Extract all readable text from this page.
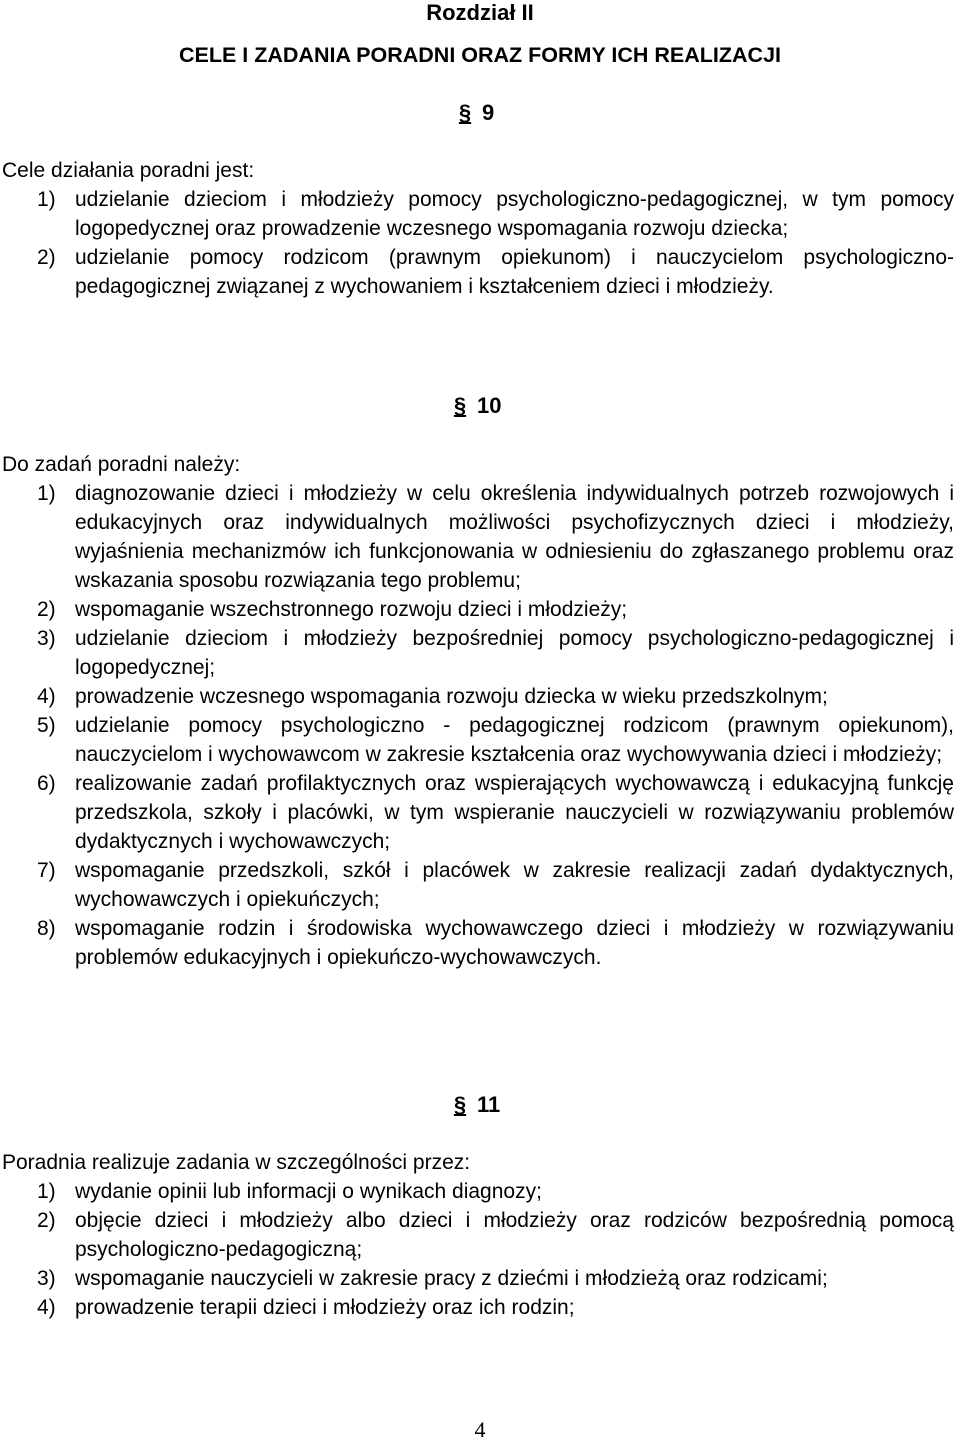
Rozdział II
CELE I ZADANIA PORADNI ORAZ FORMY ICH REALIZACJI
§ 9

Cele działania poradni jest:

1) udzielanie dzieciom i młodzieży pomocy psychologiczno-pedagogicznej, w tym pomocy logopedycznej oraz prowadzenie wczesnego wspomagania rozwoju dziecka;
2) udzielanie pomocy rodzicom (prawnym opiekunom) i nauczycielom psychologiczno-pedagogicznej związanej z wychowaniem i kształceniem dzieci i młodzieży.
§ 10

Do zadań poradni należy:

1) diagnozowanie dzieci i młodzieży w celu określenia indywidualnych potrzeb rozwojowych i edukacyjnych oraz indywidualnych możliwości psychofizycznych dzieci i młodzieży, wyjaśnienia mechanizmów ich funkcjonowania w odniesieniu do zgłaszanego problemu oraz wskazania sposobu rozwiązania tego problemu;
2) wspomaganie wszechstronnego rozwoju dzieci i młodzieży;
3) udzielanie dzieciom i młodzieży bezpośredniej pomocy psychologiczno-pedagogicznej i logopedycznej;
4) prowadzenie wczesnego wspomagania rozwoju dziecka w wieku przedszkolnym;
5) udzielanie pomocy psychologiczno - pedagogicznej rodzicom (prawnym opiekunom), nauczycielom i wychowawcom w zakresie kształcenia oraz wychowywania dzieci i młodzieży;
6) realizowanie zadań profilaktycznych oraz wspierających wychowawczą i edukacyjną funkcję przedszkola, szkoły i placówki, w tym wspieranie nauczycieli w rozwiązywaniu problemów dydaktycznych i wychowawczych;
7) wspomaganie przedszkoli, szkół i placówek w zakresie realizacji zadań dydaktycznych, wychowawczych i opiekuńczych;
8) wspomaganie rodzin i środowiska wychowawczego dzieci i młodzieży w rozwiązywaniu problemów edukacyjnych i opiekuńczo-wychowawczych.
§ 11

Poradnia realizuje zadania w szczególności przez:

1) wydanie opinii lub informacji o wynikach diagnozy;
2) objęcie dzieci i młodzieży albo dzieci i młodzieży oraz rodziców bezpośrednią pomocą psychologiczno-pedagogiczną;
3) wspomaganie nauczycieli w zakresie pracy z dziećmi i młodzieżą oraz rodzicami;
4) prowadzenie terapii dzieci i młodzieży oraz ich rodzin;
4
